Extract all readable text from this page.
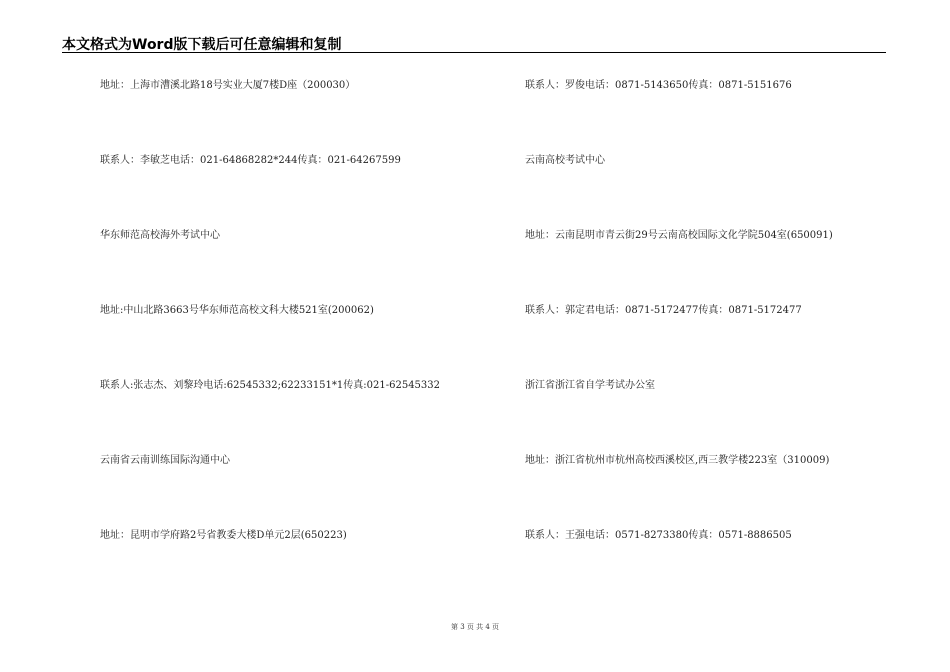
本文格式为Word版下载后可任意编辑和复制
地址：上海市漕溪北路18号实业大厦7楼D座（200030）
联系人：李敏芝电话：021-64868282*244传真：021-64267599
华东师范高校海外考试中心
地址:中山北路3663号华东师范高校文科大楼521室(200062)
联系人:张志杰、刘黎玲电话:62545332;62233151*1传真:021-62545332
云南省云南训练国际沟通中心
地址：昆明市学府路2号省教委大楼D单元2层(650223)
联系人：罗俊电话：0871-5143650传真：0871-5151676
云南高校考试中心
地址：云南昆明市青云街29号云南高校国际文化学院504室(650091)
联系人：郭定君电话：0871-5172477传真：0871-5172477
浙江省浙江省自学考试办公室
地址：浙江省杭州市杭州高校西溪校区,西三教学楼223室（310009)
联系人：王强电话：0571-8273380传真：0571-8886505
第 3 页 共 4 页
